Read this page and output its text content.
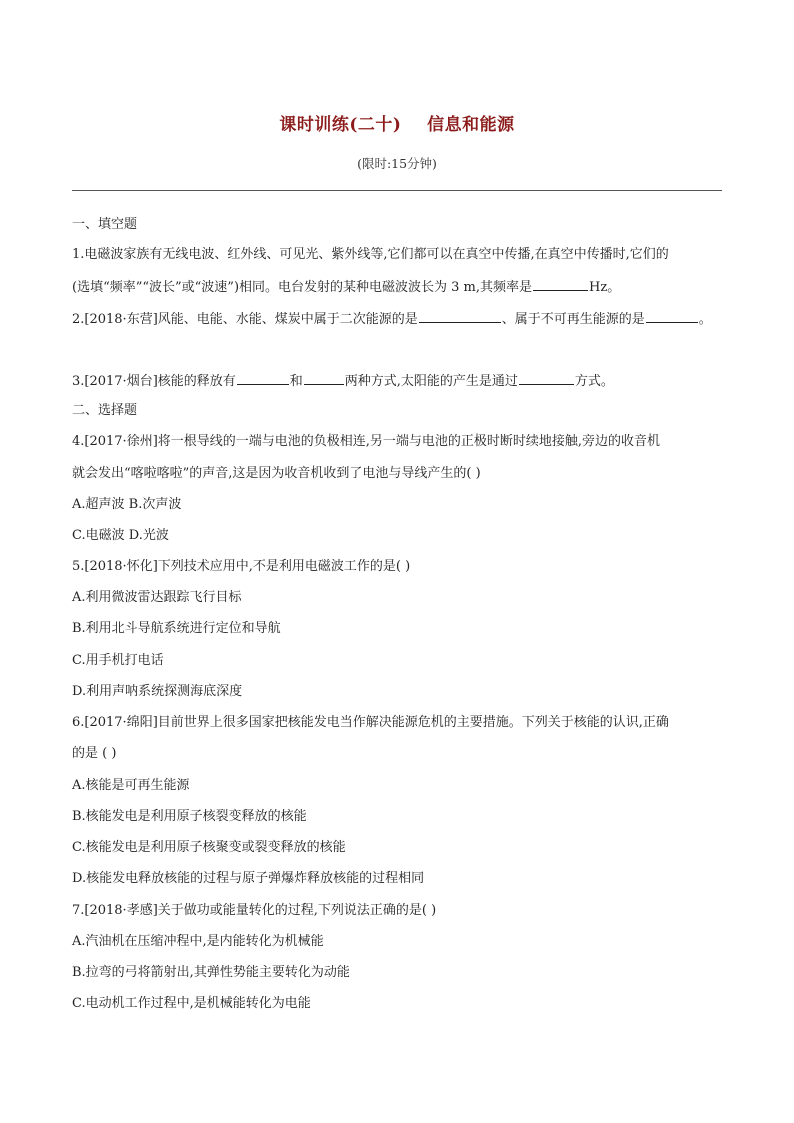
课时训练(二十)    信息和能源
(限时:15分钟)
一、填空题
1.电磁波家族有无线电波、红外线、可见光、紫外线等,它们都可以在真空中传播,在真空中传播时,它们的
(选填“频率”“波长”或“波速”)相同。电台发射的某种电磁波波长为 3 m,其频率是	Hz。
2.[2018·东营]风能、电能、水能、煤炭中属于二次能源的是	、属于不可再生能源的是	。
3.[2017·烟台]核能的释放有	和	两种方式,太阳能的产生是通过	方式。
二、选择题
4.[2017·徐州]将一根导线的一端与电池的负极相连,另一端与电池的正极时断时续地接触,旁边的收音机
就会发出“喀啦喀啦”的声音,这是因为收音机收到了电池与导线产生的( )
A.超声波 B.次声波
C.电磁波 D.光波
5.[2018·怀化]下列技术应用中,不是利用电磁波工作的是( )
A.利用微波雷达跟踪飞行目标
B.利用北斗导航系统进行定位和导航
C.用手机打电话
D.利用声呐系统探测海底深度
6.[2017·绵阳]目前世界上很多国家把核能发电当作解决能源危机的主要措施。下列关于核能的认识,正确
的是 ( )
A.核能是可再生能源
B.核能发电是利用原子核裂变释放的核能
C.核能发电是利用原子核聚变或裂变释放的核能
D.核能发电释放核能的过程与原子弹爆炸释放核能的过程相同
7.[2018·孝感]关于做功或能量转化的过程,下列说法正确的是( )
A.汽油机在压缩冲程中,是内能转化为机械能
B.拉弯的弓将箭射出,其弹性势能主要转化为动能
C.电动机工作过程中,是机械能转化为电能
